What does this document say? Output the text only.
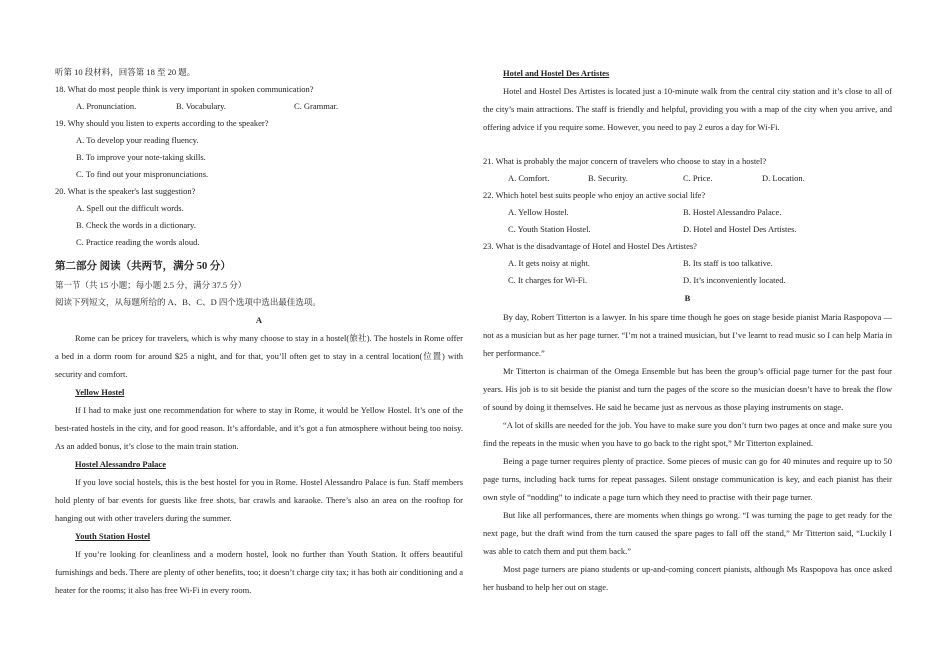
听第 10 段材料，回答第 18 至 20 题。
18. What do most people think is very important in spoken communication?
A. Pronunciation.	B. Vocabulary.	C. Grammar.
19. Why should you listen to experts according to the speaker?
A. To develop your reading fluency.
B. To improve your note-taking skills.
C. To find out your mispronunciations.
20. What is the speaker's last suggestion?
A. Spell out the difficult words.
B. Check the words in a dictionary.
C. Practice reading the words aloud.
第二部分 阅读（共两节，满分 50 分）
第一节（共 15 小题；每小题 2.5 分，满分 37.5 分）
阅读下列短文，从每题所给的 A、B、C、D 四个选项中选出最佳选项。
A

Rome can be pricey for travelers, which is why many choose to stay in a hostel(旅社). The hostels in Rome offer a bed in a dorm room for around $25 a night, and for that, you’ll often get to stay in a central location(位置) with security and comfort.

Yellow Hostel

If I had to make just one recommendation for where to stay in Rome, it would be Yellow Hostel. It’s one of the best-rated hostels in the city, and for good reason. It’s affordable, and it’s got a fun atmosphere without being too noisy. As an added bonus, it’s close to the main train station.

Hostel Alessandro Palace

If you love social hostels, this is the best hostel for you in Rome. Hostel Alessandro Palace is fun. Staff members hold plenty of bar events for guests like free shots, bar crawls and karaoke. There’s also an area on the rooftop for hanging out with other travelers during the summer.

Youth Station Hostel

If you’re looking for cleanliness and a modern hostel, look no further than Youth Station. It offers beautiful furnishings and beds. There are plenty of other benefits, too; it doesn’t charge city tax; it has both air conditioning and a heater for the rooms; it also has free Wi-Fi in every room.

Hotel and Hostel Des Artistes

Hotel and Hostel Des Artistes is located just a 10-minute walk from the central city station and it’s close to all of the city’s main attractions. The staff is friendly and helpful, providing you with a map of the city when you arrive, and offering advice if you require some. However, you need to pay 2 euros a day for Wi-Fi.

21. What is probably the major concern of travelers who choose to stay in a hostel?
A. Comfort.	B. Security.	C. Price.	D. Location.
22. Which hotel best suits people who enjoy an active social life?
A. Yellow Hostel.	B. Hostel Alessandro Palace.
C. Youth Station Hostel.	D. Hotel and Hostel Des Artistes.
23. What is the disadvantage of Hotel and Hostel Des Artistes?
A. It gets noisy at night.	B. Its staff is too talkative.
C. It charges for Wi-Fi.	D. It’s inconveniently located.
B

By day, Robert Titterton is a lawyer. In his spare time though he goes on stage beside pianist Maria Raspopova — not as a musician but as her page turner. “I’m not a trained musician, but I’ve learnt to read music so I can help Maria in her performance.”

Mr Titterton is chairman of the Omega Ensemble but has been the group’s official page turner for the past four years. His job is to sit beside the pianist and turn the pages of the score so the musician doesn’t have to break the flow of sound by doing it themselves. He said he became just as nervous as those playing instruments on stage.

“A lot of skills are needed for the job. You have to make sure you don’t turn two pages at once and make sure you find the repeats in the music when you have to go back to the right spot,” Mr Titterton explained.

Being a page turner requires plenty of practice. Some pieces of music can go for 40 minutes and require up to 50 page turns, including back turns for repeat passages. Silent onstage communication is key, and each pianist has their own style of “nodding” to indicate a page turn which they need to practise with their page turner.

But like all performances, there are moments when things go wrong. “I was turning the page to get ready for the next page, but the draft wind from the turn caused the spare pages to fall off the stand,” Mr Titterton said, “Luckily I was able to catch them and put them back.”

Most page turners are piano students or up-and-coming concert pianists, although Ms Raspopova has once asked her husband to help her out on stage.
